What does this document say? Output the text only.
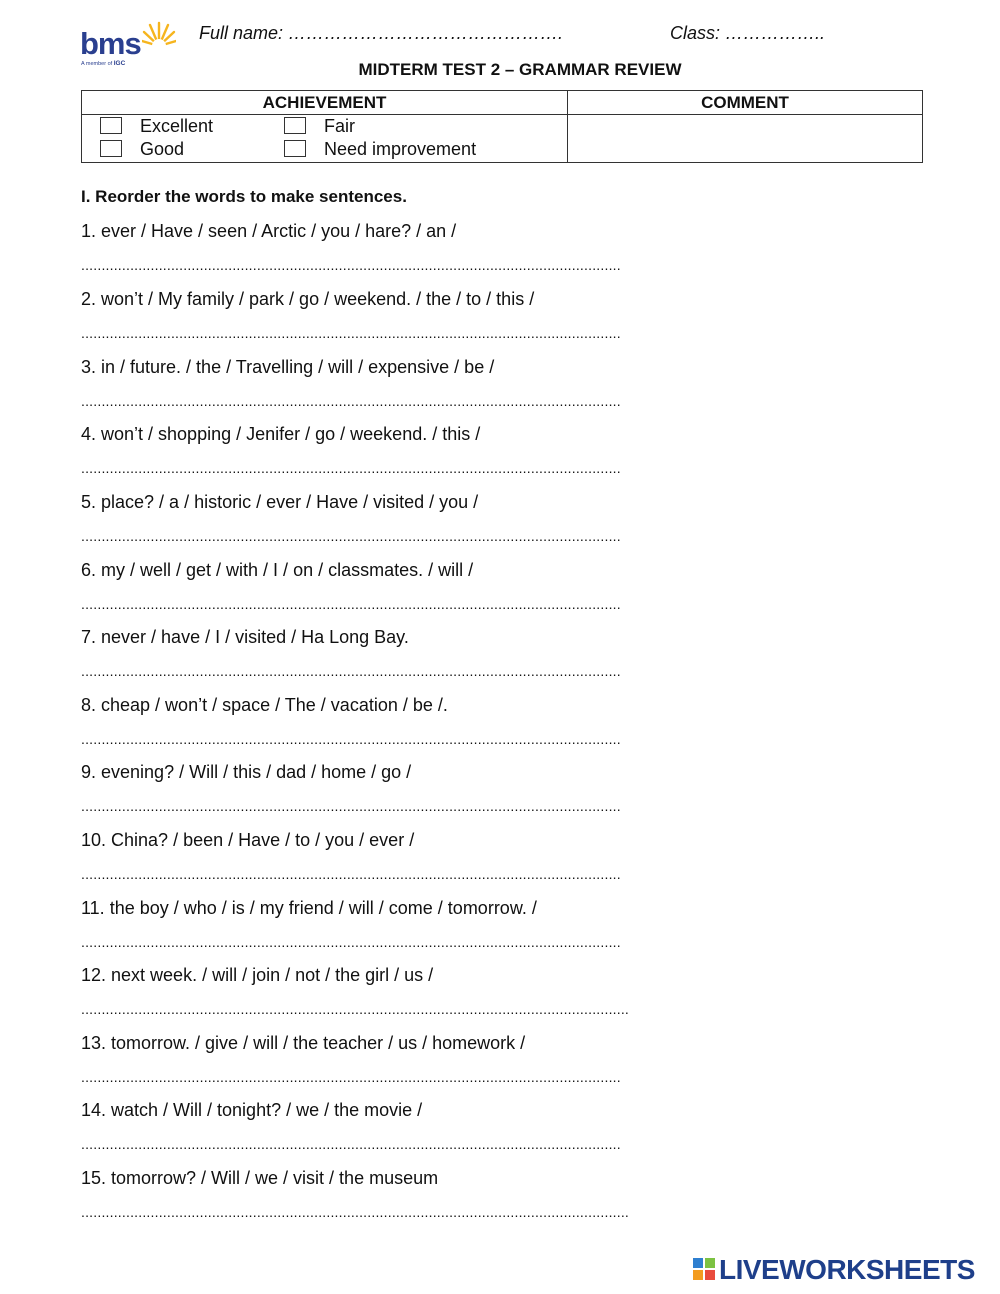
bms
A member of IGC
Full name: ……………………………………….	Class: ……………..
MIDTERM TEST 2 – GRAMMAR REVIEW
ACHIEVEMENT	COMMENT

Excellent Fair
Good Need improvement	

I. Reorder the words to make sentences.
1. ever / Have / seen / Arctic / you / hare? / an /
....................................................................................................................................
2. won’t / My family / park / go / weekend. / the / to / this /
....................................................................................................................................
3. in / future. / the / Travelling / will / expensive / be /
....................................................................................................................................
4. won’t / shopping / Jenifer / go / weekend. / this /
....................................................................................................................................
5. place? / a / historic / ever / Have / visited / you /
....................................................................................................................................
6. my / well / get / with / I / on / classmates. / will /
....................................................................................................................................
7. never / have / I / visited / Ha Long Bay.
....................................................................................................................................
8. cheap / won’t / space / The / vacation / be /.
....................................................................................................................................
9. evening? / Will / this / dad / home / go /
....................................................................................................................................
10. China? / been / Have / to / you / ever /
....................................................................................................................................
11. the boy / who / is / my friend / will / come / tomorrow. /
....................................................................................................................................
12. next week. / will / join / not / the girl / us /
......................................................................................................................................
13. tomorrow. / give / will / the teacher / us / homework /
....................................................................................................................................
14. watch / Will / tonight? / we / the movie /
....................................................................................................................................
15. tomorrow? / Will / we / visit / the museum
......................................................................................................................................
LIVEWORKSHEETS
